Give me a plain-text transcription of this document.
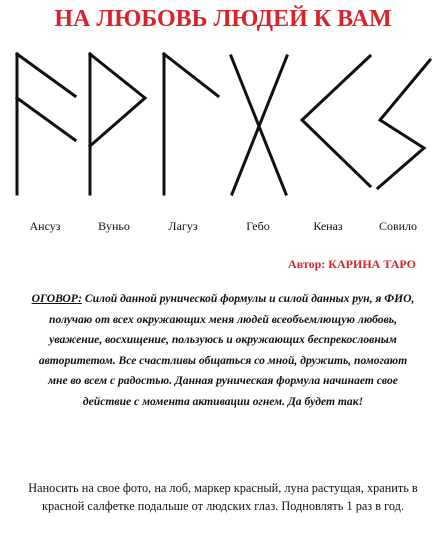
НА ЛЮБОВЬ ЛЮДЕЙ К ВАМ
Ансуз	Вуньо	Лагуз	Гебо	Кеназ	Совило
Автор: КАРИНА ТАРО
ОГОВОР: Силой данной рунической формулы и силой данных рун, я ФИО, получаю от всех окружающих меня людей всеобъемлющую любовь, уважение, восхищение, пользуюсь и окружающих беспрекословным авторитетом. Все счастливы общаться со мной, дружить, помогают мне во всем с радостью. Данная руническая формула начинает свое действие с момента активации огнем. Да будет так!
Наносить на свое фото, на лоб, маркер красный, луна растущая, хранить в красной салфетке подальше от людских глаз. Подновлять 1 раз в год.
